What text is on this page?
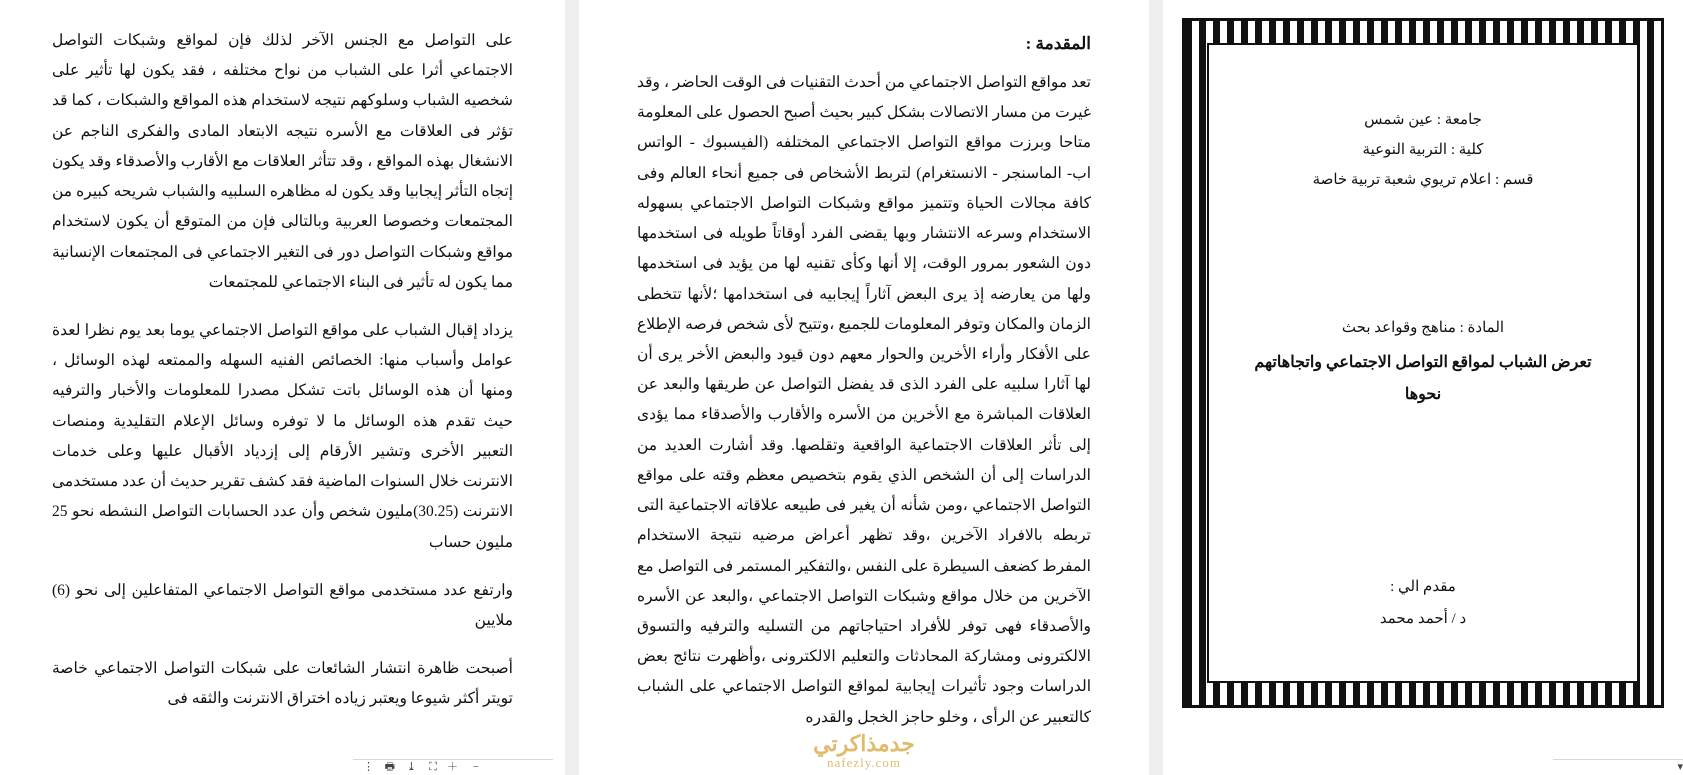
جامعة : عين شمس
كلية : التربية النوعية
قسم : اعلام تريوي شعبة تربية خاصة
المادة : مناهج وقواعد بحث
تعرض الشباب لمواقع التواصل الاجتماعي واتجاهاتهم نحوها
مقدم الي :
د / أحمد محمد
▾
المقدمة :

تعد مواقع التواصل الاجتماعي من أحدث التقنيات فى الوقت الحاضر ، وقد غيرت من مسار الاتصالات بشكل كبير بحيث أصبح الحصول على المعلومة متاحا وبرزت مواقع التواصل الاجتماعي المختلفه (الفيسبوك - الواتس اب- الماسنجر - الانستغرام) لتربط الأشخاص فى جميع أنحاء العالم وفى كافة مجالات الحياة وتتميز مواقع وشبكات التواصل الاجتماعي بسهوله الاستخدام وسرعه الانتشار وبها يقضى الفرد أوقاتاً طويله فى استخدمها دون الشعور بمرور الوقت، إلا أنها وكأى تقنيه لها من يؤيد فى استخدمها ولها من يعارضه إذ يرى البعض آثاراً إيجابيه فى استخدامها ؛لأنها تتخطى الزمان والمكان وتوفر المعلومات للجميع ،وتتيح لأى شخص فرصه الإطلاع على الأفكار وأراء الأخرين والحوار معهم دون قيود والبعض الأخر يرى أن لها آثارا سلبيه على الفرد الذى قد يفضل التواصل عن طريقها والبعد عن العلاقات المباشرة مع الأخرين من الأسره والأقارب والأصدقاء مما يؤدى إلى تأثر العلاقات الاجتماعية الواقعية وتقلصها. وقد أشارت العديد من الدراسات إلى أن الشخص الذي يقوم بتخصيص معظم وقته على مواقع التواصل الاجتماعي ،ومن شأنه أن يغير فى طبيعه علاقاته الاجتماعية التى تربطه بالافراد الآخرين ،وقد تظهر أعراض مرضيه نتيجة الاستخدام المفرط كضعف السيطرة على النفس ،والتفكير المستمر فى التواصل مع الآخرين من خلال مواقع وشبكات التواصل الاجتماعي ،والبعد عن الأسره والأصدقاء فهى توفر للأفراد احتياجاتهم من التسليه والترفيه والتسوق الالكترونى ومشاركة المحادثات والتعليم الالكترونى ،وأظهرت نتائج بعض الدراسات وجود تأثيرات إيجابية لمواقع التواصل الاجتماعي على الشباب كالتعبير عن الرأى ، وخلو حاجز الخجل والقدره

جدمذاكرتي
nafezly.com

على التواصل مع الجنس الآخر لذلك فإن لمواقع وشبكات التواصل الاجتماعي أثرا على الشباب من نواح مختلفه ، فقد يكون لها تأثير على شخصيه الشباب وسلوكهم نتيجه لاستخدام هذه المواقع والشبكات ، كما قد تؤثر فى العلاقات مع الأسره نتيجه الابتعاد المادى والفكرى الناجم عن الانشغال بهذه المواقع ، وقد تتأثر العلاقات مع الأقارب والأصدقاء وقد يكون إتجاه التأثر إيجابيا وقد يكون له مظاهره السلبيه والشباب شريحه كبيره من المجتمعات وخصوصا العربية وبالتالى فإن من المتوقع أن يكون لاستخدام مواقع وشبكات التواصل دور فى التغير الاجتماعي فى المجتمعات الإنسانية مما يكون له تأثير فى البناء الاجتماعي للمجتمعات

يزداد إقبال الشباب على مواقع التواصل الاجتماعي يوما بعد يوم نظرا لعدة عوامل وأسباب منها: الخصائص الفنيه السهله والممتعه لهذه الوسائل ، ومنها أن هذه الوسائل باتت تشكل مصدرا للمعلومات والأخبار والترفيه حيث تقدم هذه الوسائل ما لا توفره وسائل الإعلام التقليدية ومنصات التعبير الأخرى وتشير الأرقام إلى إزدياد الأقبال عليها وعلى خدمات الانترنت خلال السنوات الماضية فقد كشف تقرير حديث أن عدد مستخدمى الانترنت (30.25)مليون شخص وأن عدد الحسابات التواصل النشطه نحو 25 مليون حساب

وارتفع عدد مستخدمى مواقع التواصل الاجتماعي المتفاعلين إلى نحو (6) ملايين

أصبحت ظاهرة انتشار الشائعات على شبكات التواصل الاجتماعي خاصة تويتر أكثر شيوعا ويعتبر زياده اختراق الانترنت والثقه فى

−
＋
⛶
⤓
🖶
⋮
